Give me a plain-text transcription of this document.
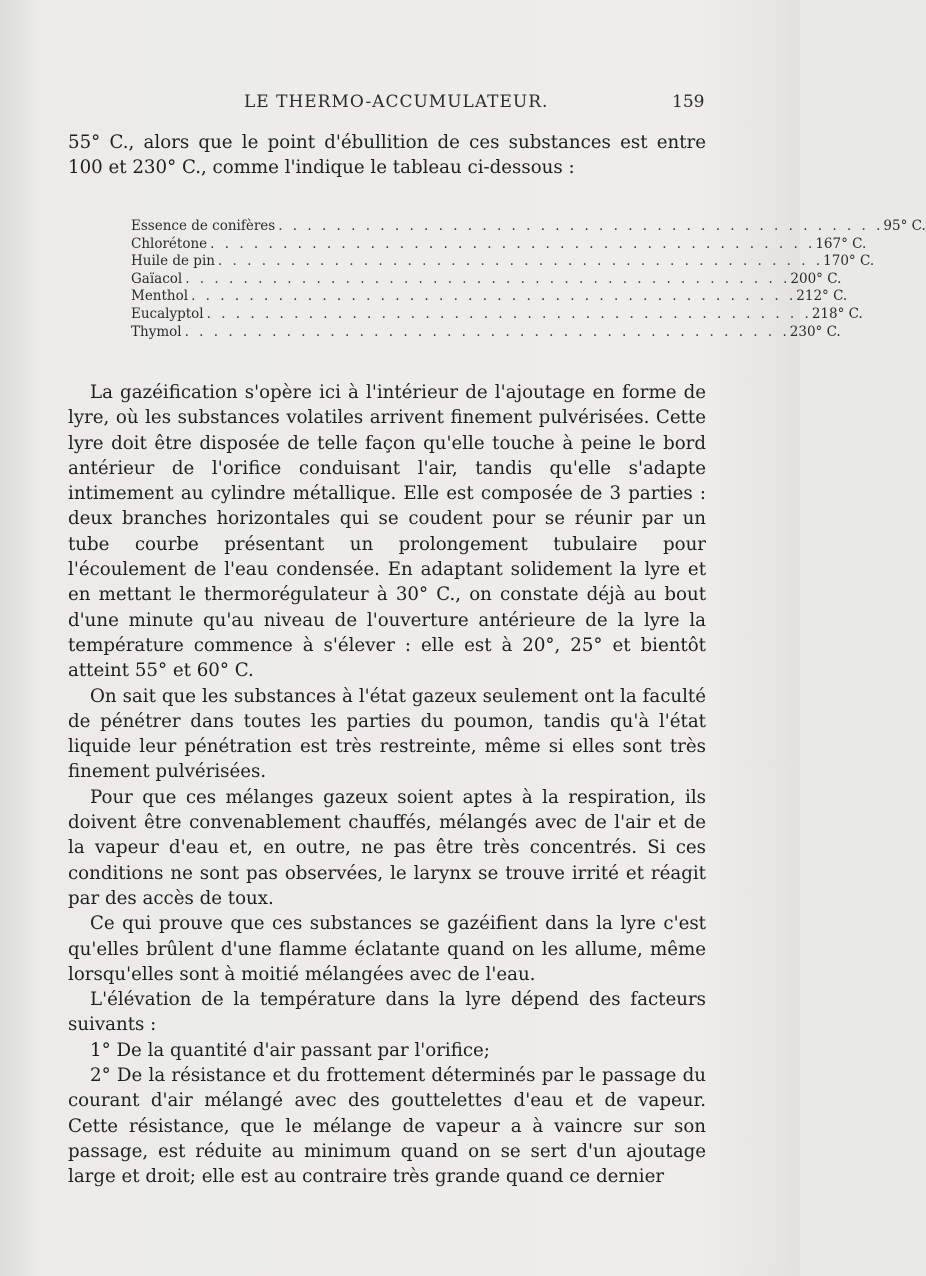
LE THERMO-ACCUMULATEUR.	159

55° C., alors que le point d'ébullition de ces substances est entre 100 et 230° C., comme l'indique le tableau ci-dessous :

Essence de conifères . . . . . . . . . . . . . . . . . . . . . . . . . . . . . . . . . . . . . . . . . . 95° C.
Chlorétone . . . . . . . . . . . . . . . . . . . . . . . . . . . . . . . . . . . . . . . . . . 167° C.
Huile de pin . . . . . . . . . . . . . . . . . . . . . . . . . . . . . . . . . . . . . . . . . . 170° C.
Gaïacol . . . . . . . . . . . . . . . . . . . . . . . . . . . . . . . . . . . . . . . . . . 200° C.
Menthol . . . . . . . . . . . . . . . . . . . . . . . . . . . . . . . . . . . . . . . . . . 212° C.
Eucalyptol . . . . . . . . . . . . . . . . . . . . . . . . . . . . . . . . . . . . . . . . . . 218° C.
Thymol . . . . . . . . . . . . . . . . . . . . . . . . . . . . . . . . . . . . . . . . . . 230° C.

La gazéification s'opère ici à l'intérieur de l'ajoutage en forme de lyre, où les substances volatiles arrivent finement pulvérisées. Cette lyre doit être disposée de telle façon qu'elle touche à peine le bord antérieur de l'orifice conduisant l'air, tandis qu'elle s'adapte intimement au cylindre métallique. Elle est composée de 3 parties : deux branches horizontales qui se coudent pour se réunir par un tube courbe présentant un prolongement tubulaire pour l'écoulement de l'eau condensée. En adaptant solidement la lyre et en mettant le thermorégulateur à 30° C., on constate déjà au bout d'une minute qu'au niveau de l'ouverture antérieure de la lyre la température commence à s'élever : elle est à 20°, 25° et bientôt atteint 55° et 60° C.

On sait que les substances à l'état gazeux seulement ont la faculté de pénétrer dans toutes les parties du poumon, tandis qu'à l'état liquide leur pénétration est très restreinte, même si elles sont très finement pulvérisées.

Pour que ces mélanges gazeux soient aptes à la respiration, ils doivent être convenablement chauffés, mélangés avec de l'air et de la vapeur d'eau et, en outre, ne pas être très concentrés. Si ces conditions ne sont pas observées, le larynx se trouve irrité et réagit par des accès de toux.

Ce qui prouve que ces substances se gazéifient dans la lyre c'est qu'elles brûlent d'une flamme éclatante quand on les allume, même lorsqu'elles sont à moitié mélangées avec de l'eau.

L'élévation de la température dans la lyre dépend des facteurs suivants :

1° De la quantité d'air passant par l'orifice;

2° De la résistance et du frottement déterminés par le passage du courant d'air mélangé avec des gouttelettes d'eau et de vapeur. Cette résistance, que le mélange de vapeur a à vaincre sur son passage, est réduite au minimum quand on se sert d'un ajoutage large et droit; elle est au contraire très grande quand ce dernier
